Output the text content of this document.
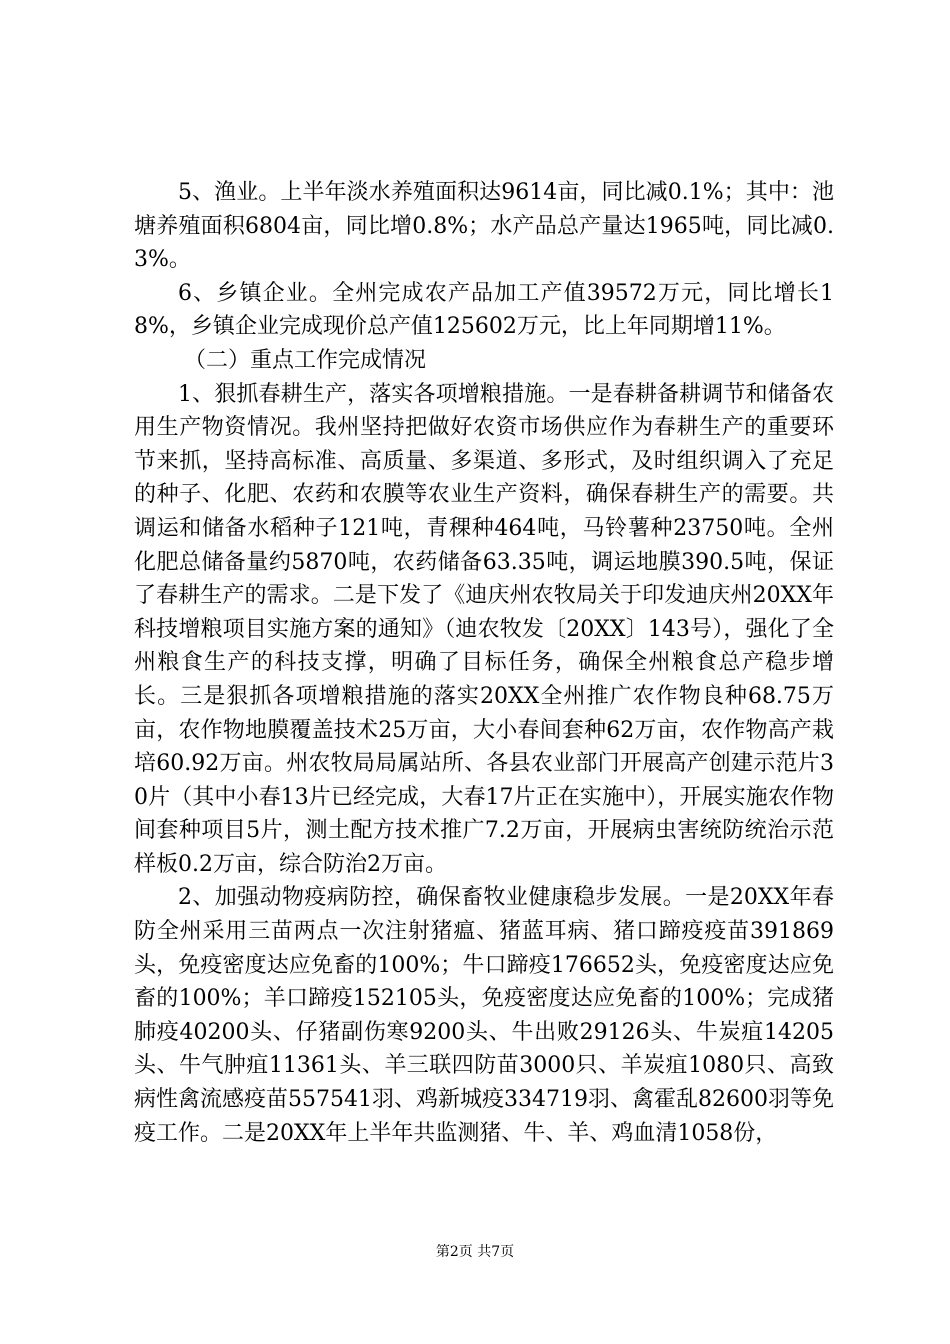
5、渔业。上半年淡水养殖面积达9614亩，同比减0.1%；其中：池塘养殖面积6804亩，同比增0.8%；水产品总产量达1965吨，同比减0.3%。

6、乡镇企业。全州完成农产品加工产值39572万元，同比增长18%，乡镇企业完成现价总产值125602万元，比上年同期增11%。

（二）重点工作完成情况

1、狠抓春耕生产，落实各项增粮措施。一是春耕备耕调节和储备农用生产物资情况。我州坚持把做好农资市场供应作为春耕生产的重要环节来抓，坚持高标准、高质量、多渠道、多形式，及时组织调入了充足的种子、化肥、农药和农膜等农业生产资料，确保春耕生产的需要。共调运和储备水稻种子121吨，青稞种464吨，马铃薯种23750吨。全州化肥总储备量约5870吨，农药储备63.35吨，调运地膜390.5吨，保证了春耕生产的需求。二是下发了《迪庆州农牧局关于印发迪庆州20XX年科技增粮项目实施方案的通知》（迪农牧发〔20XX〕143号），强化了全州粮食生产的科技支撑，明确了目标任务，确保全州粮食总产稳步增长。三是狠抓各项增粮措施的落实20XX全州推广农作物良种68.75万亩，农作物地膜覆盖技术25万亩，大小春间套种62万亩，农作物高产栽培60.92万亩。州农牧局局属站所、各县农业部门开展高产创建示范片30片（其中小春13片已经完成，大春17片正在实施中），开展实施农作物间套种项目5片，测土配方技术推广7.2万亩，开展病虫害统防统治示范样板0.2万亩，综合防治2万亩。

2、加强动物疫病防控，确保畜牧业健康稳步发展。一是20XX年春防全州采用三苗两点一次注射猪瘟、猪蓝耳病、猪口蹄疫疫苗391869头，免疫密度达应免畜的100%；牛口蹄疫176652头，免疫密度达应免畜的100%；羊口蹄疫152105头，免疫密度达应免畜的100%；完成猪肺疫40200头、仔猪副伤寒9200头、牛出败29126头、牛炭疽14205头、牛气肿疽11361头、羊三联四防苗3000只、羊炭疽1080只、高致病性禽流感疫苗557541羽、鸡新城疫334719羽、禽霍乱82600羽等免疫工作。二是20XX年上半年共监测猪、牛、羊、鸡血清1058份，

第2页 共7页
